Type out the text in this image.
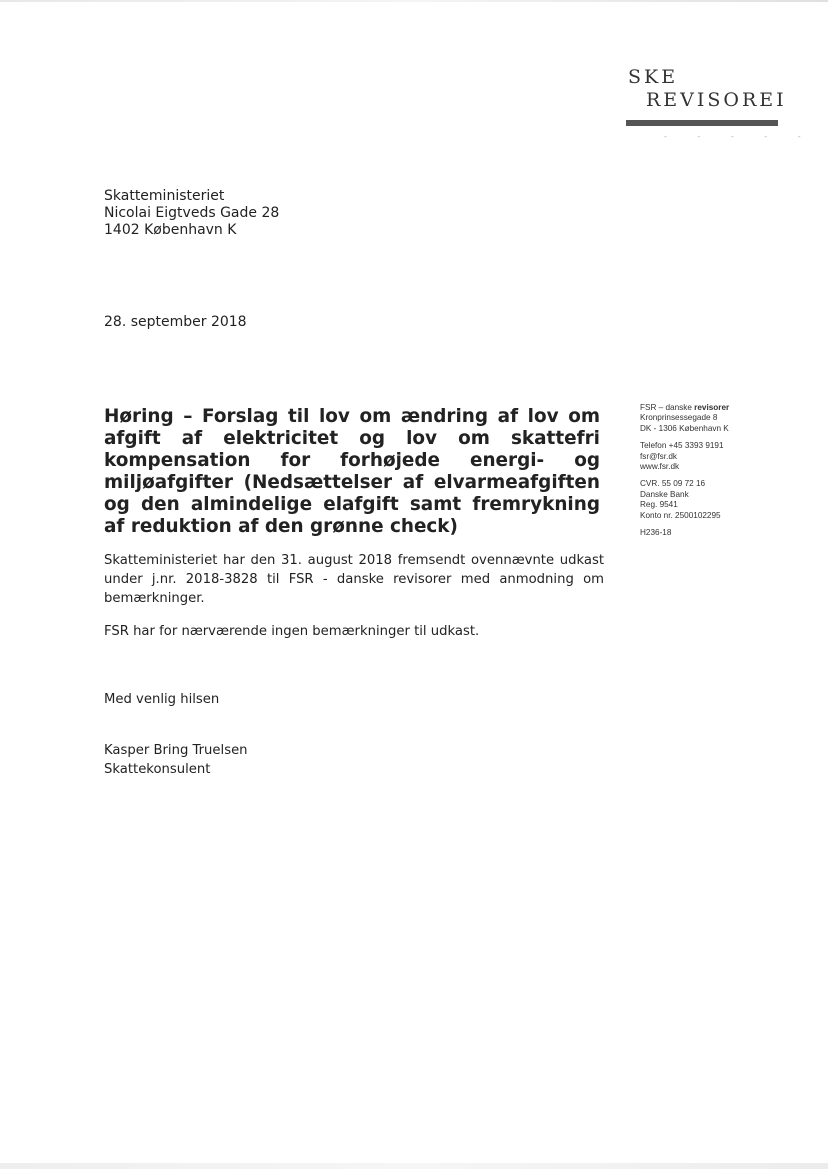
SKE
REVISOREI
- - - - -
Skatteministeriet
Nicolai Eigtveds Gade 28
1402 København K
28. september 2018
FSR – danske revisorer
Kronprinsessegade 8
DK - 1306 København K
Telefon +45 3393 9191
fsr@fsr.dk
www.fsr.dk
CVR. 55 09 72 16
Danske Bank
Reg. 9541
Konto nr. 2500102295
H236-18
Høring – Forslag til lov om ændring af lov om afgift af elektricitet og lov om skattefri kompensation for forhøjede energi- og miljøafgifter (Nedsættelser af elvarmeafgiften og den almindelige elafgift samt fremrykning af reduktion af den grønne check)
Skatteministeriet har den 31. august 2018 fremsendt ovennævnte udkast under j.nr. 2018-3828 til FSR - danske revisorer med anmodning om bemærkninger.
FSR har for nærværende ingen bemærkninger til udkast.
Med venlig hilsen
Kasper Bring Truelsen
Skattekonsulent
